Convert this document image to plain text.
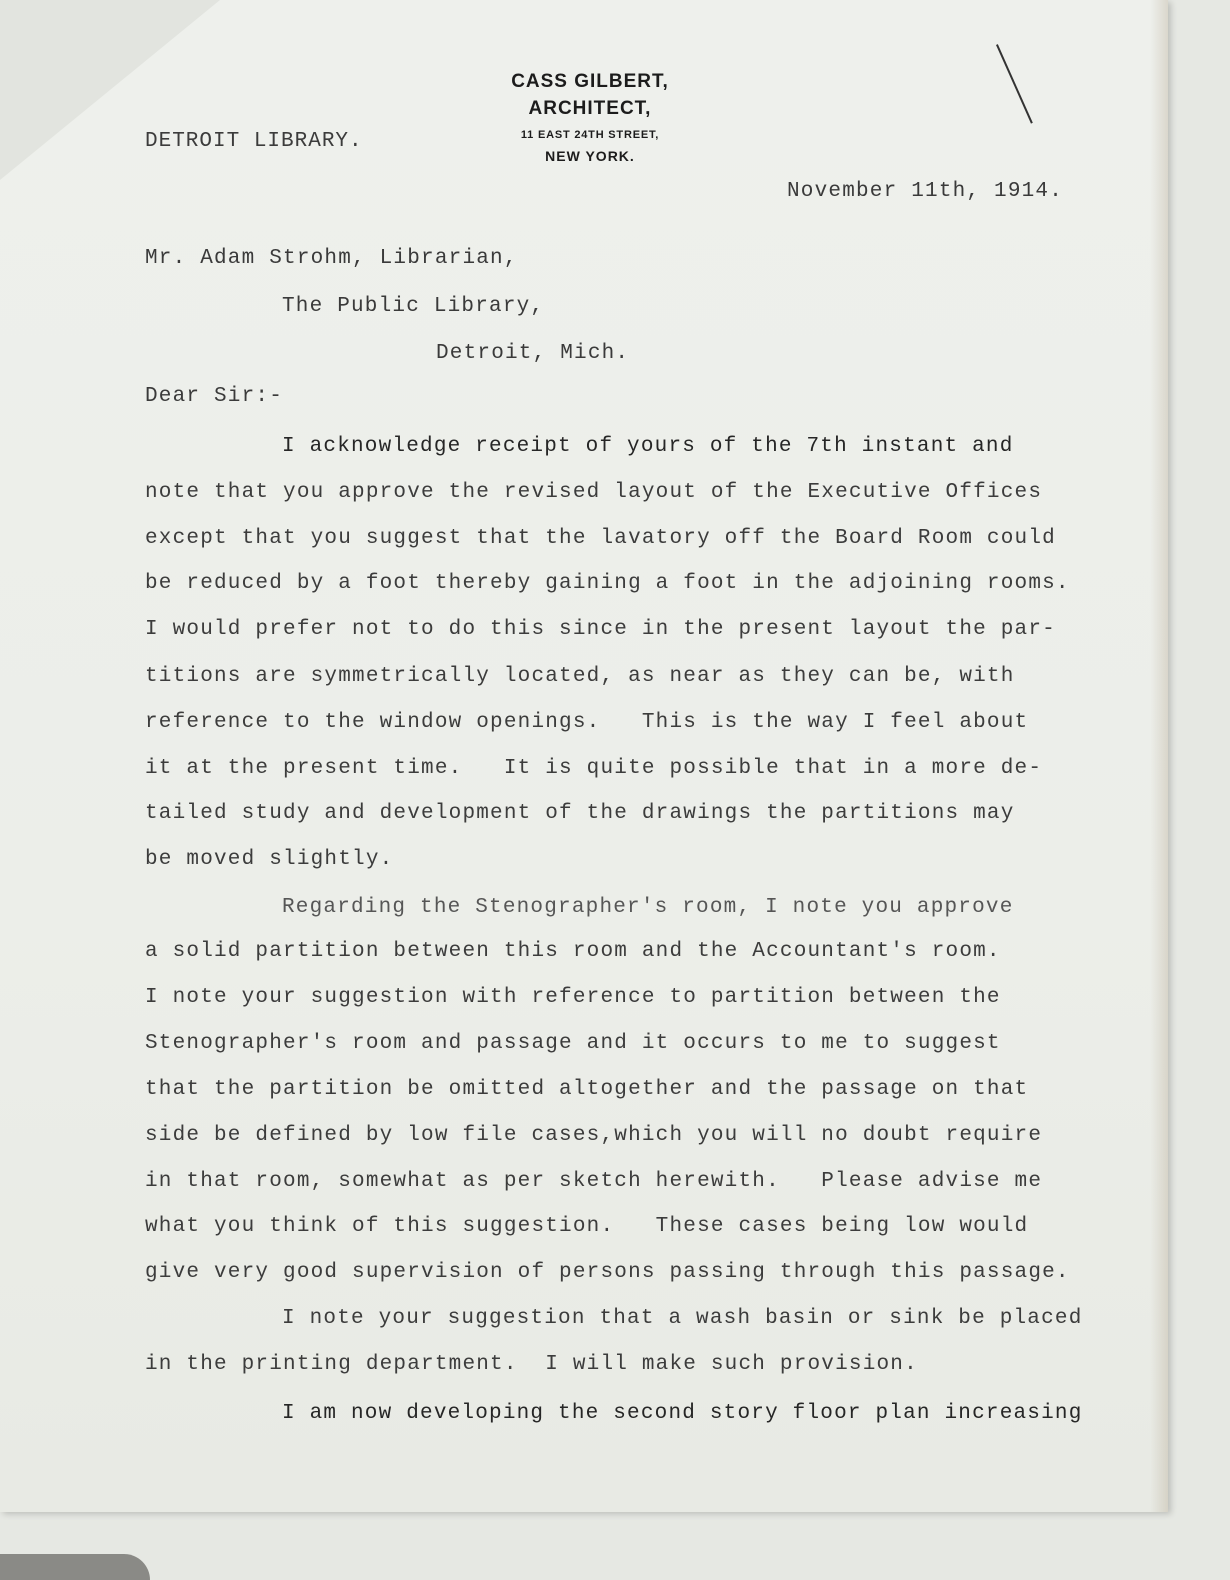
CASS GILBERT,
ARCHITECT,
11 EAST 24TH STREET,
NEW YORK.
DETROIT LIBRARY.
November 11th, 1914.
Mr. Adam Strohm, Librarian,
The Public Library,
Detroit, Mich.
Dear Sir:-
I acknowledge receipt of yours of the 7th instant and
note that you approve the revised layout of the Executive Offices
except that you suggest that the lavatory off the Board Room could
be reduced by a foot thereby gaining a foot in the adjoining rooms.
I would prefer not to do this since in the present layout the par-
titions are symmetrically located, as near as they can be, with
reference to the window openings.   This is the way I feel about
it at the present time.   It is quite possible that in a more de-
tailed study and development of the drawings the partitions may
be moved slightly.
Regarding the Stenographer's room, I note you approve
a solid partition between this room and the Accountant's room.
I note your suggestion with reference to partition between the
Stenographer's room and passage and it occurs to me to suggest
that the partition be omitted altogether and the passage on that
side be defined by low file cases,which you will no doubt require
in that room, somewhat as per sketch herewith.   Please advise me
what you think of this suggestion.   These cases being low would
give very good supervision of persons passing through this passage.
I note your suggestion that a wash basin or sink be placed
in the printing department.  I will make such provision.
I am now developing the second story floor plan increasing
